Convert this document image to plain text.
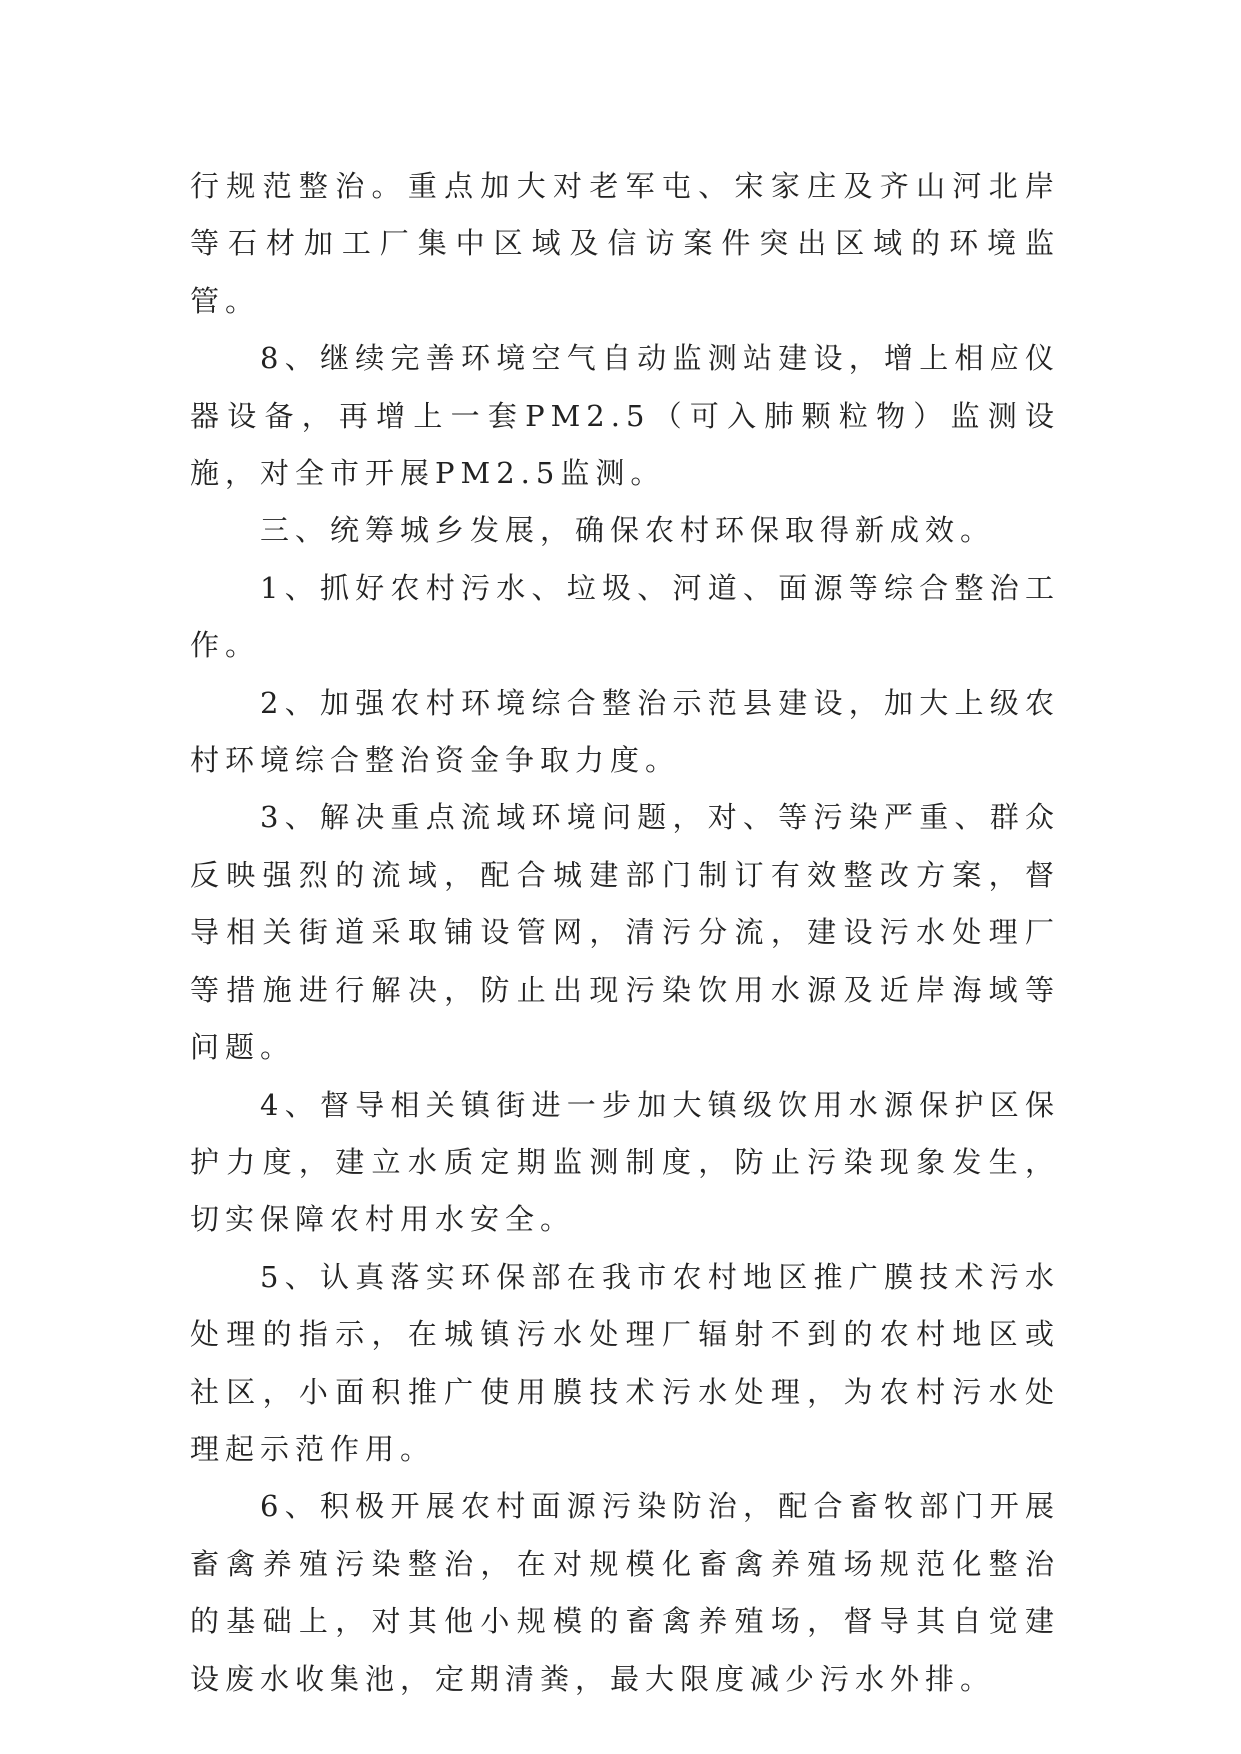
行规范整治。重点加大对老军屯、宋家庄及齐山河北岸等石材加工厂集中区域及信访案件突出区域的环境监管。

8、继续完善环境空气自动监测站建设，增上相应仪器设备，再增上一套PM2.5（可入肺颗粒物）监测设施，对全市开展PM2.5监测。

三、统筹城乡发展，确保农村环保取得新成效。

1、抓好农村污水、垃圾、河道、面源等综合整治工作。

2、加强农村环境综合整治示范县建设，加大上级农村环境综合整治资金争取力度。

3、解决重点流域环境问题，对、等污染严重、群众反映强烈的流域，配合城建部门制订有效整改方案，督导相关街道采取铺设管网，清污分流，建设污水处理厂等措施进行解决，防止出现污染饮用水源及近岸海域等问题。

4、督导相关镇街进一步加大镇级饮用水源保护区保护力度，建立水质定期监测制度，防止污染现象发生，切实保障农村用水安全。

5、认真落实环保部在我市农村地区推广膜技术污水处理的指示，在城镇污水处理厂辐射不到的农村地区或社区，小面积推广使用膜技术污水处理，为农村污水处理起示范作用。

6、积极开展农村面源污染防治，配合畜牧部门开展畜禽养殖污染整治，在对规模化畜禽养殖场规范化整治的基础上，对其他小规模的畜禽养殖场，督导其自觉建设废水收集池，定期清粪，最大限度减少污水外排。
